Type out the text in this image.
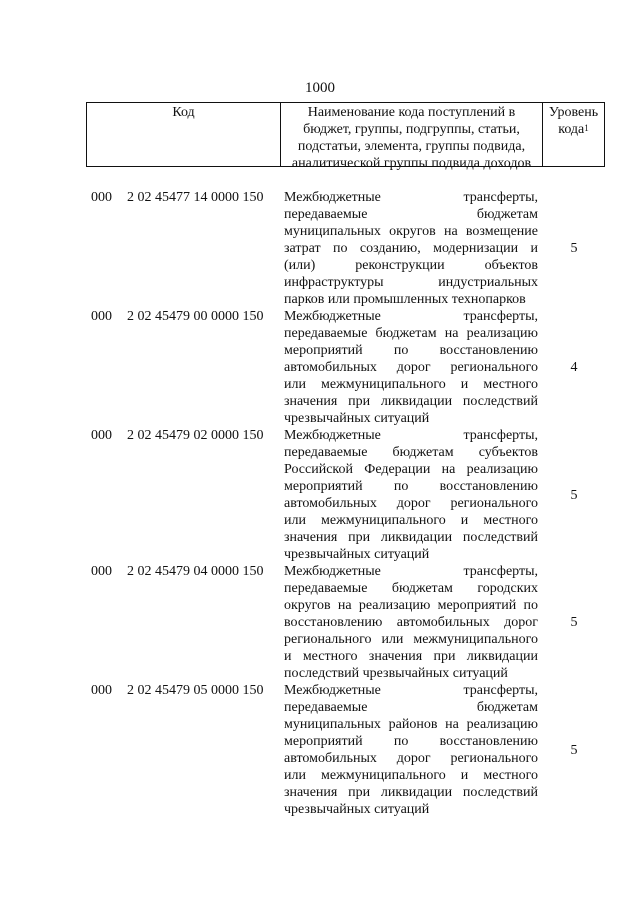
1000
Код	Наименование кода поступлений в
бюджет, группы, подгруппы, статьи,
подстатьи, элемента, группы подвида,
аналитической группы подвида доходов
Уровень
кода$^1$
000 2 02 45477 14 0000 150 Межбюджетные трансферты,
передаваемые бюджетам
муниципальных округов на возмещение
затрат по созданию, модернизации и
(или) реконструкции объектов
инфраструктуры индустриальных
парков или промышленных технопарков
5
000 2 02 45479 00 0000 150 Межбюджетные трансферты,
передаваемые бюджетам на реализацию
мероприятий по восстановлению
автомобильных дорог регионального
или межмуниципального и местного
значения при ликвидации последствий
чрезвычайных ситуаций
4
000 2 02 45479 02 0000 150 Межбюджетные трансферты,
передаваемые бюджетам субъектов
Российской Федерации на реализацию
мероприятий по восстановлению
автомобильных дорог регионального
или межмуниципального и местного
значения при ликвидации последствий
чрезвычайных ситуаций
5
000 2 02 45479 04 0000 150 Межбюджетные трансферты,
передаваемые бюджетам городских
округов на реализацию мероприятий по
восстановлению автомобильных дорог
регионального или межмуниципального
и местного значения при ликвидации
последствий чрезвычайных ситуаций
5
000 2 02 45479 05 0000 150 Межбюджетные трансферты,
передаваемые бюджетам
муниципальных районов на реализацию
мероприятий по восстановлению
автомобильных дорог регионального
или межмуниципального и местного
значения при ликвидации последствий
чрезвычайных ситуаций
5
